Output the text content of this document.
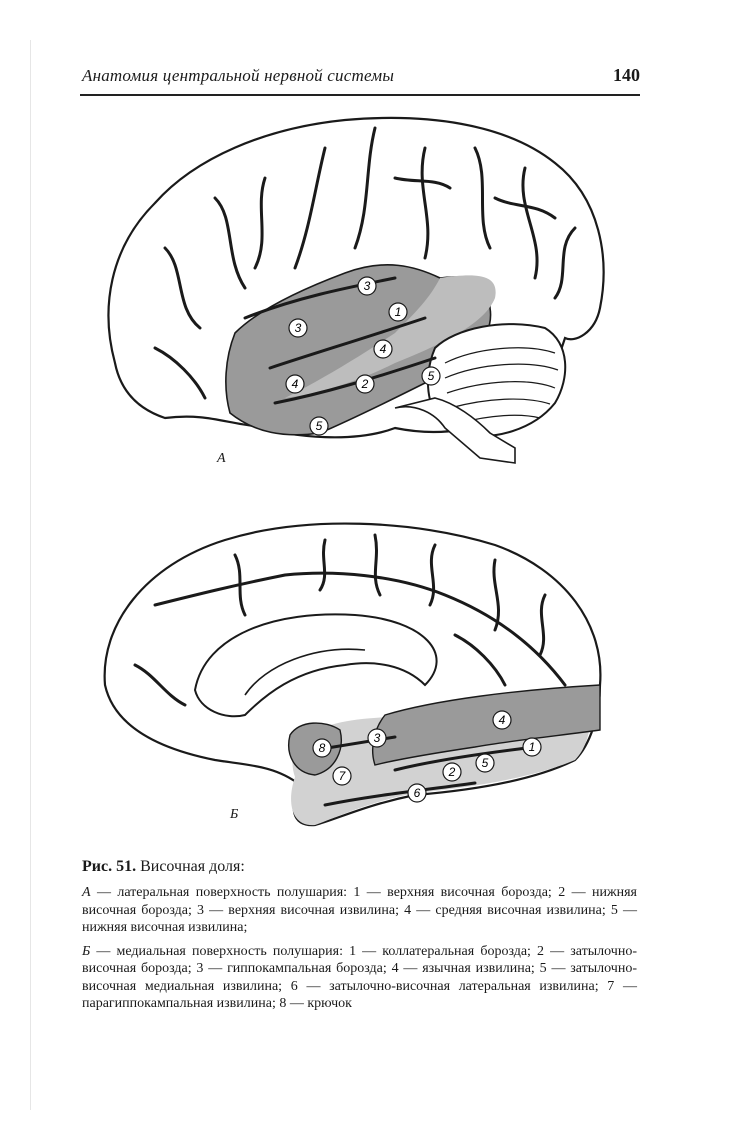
Анатомия центральной нервной системы	140
3
1
3
4
4	2
5
5
А
8
3
4
1
7	2
5
6
Б

Рис. 51. Височная доля:

А — латеральная поверхность полушария: 1 — верхняя височная борозда; 2 — нижняя височная борозда; 3 — верхняя височная извилина; 4 — средняя височная извилина; 5 — нижняя височная извилина;

Б — медиальная поверхность полушария: 1 — коллатеральная борозда; 2 — затылочно-височная борозда; 3 — гиппокампальная борозда; 4 — язычная извилина; 5 — затылочно-височная медиальная извилина; 6 — затылочно-височная латеральная извилина; 7 — парагиппокампальная извилина; 8 — крючок
